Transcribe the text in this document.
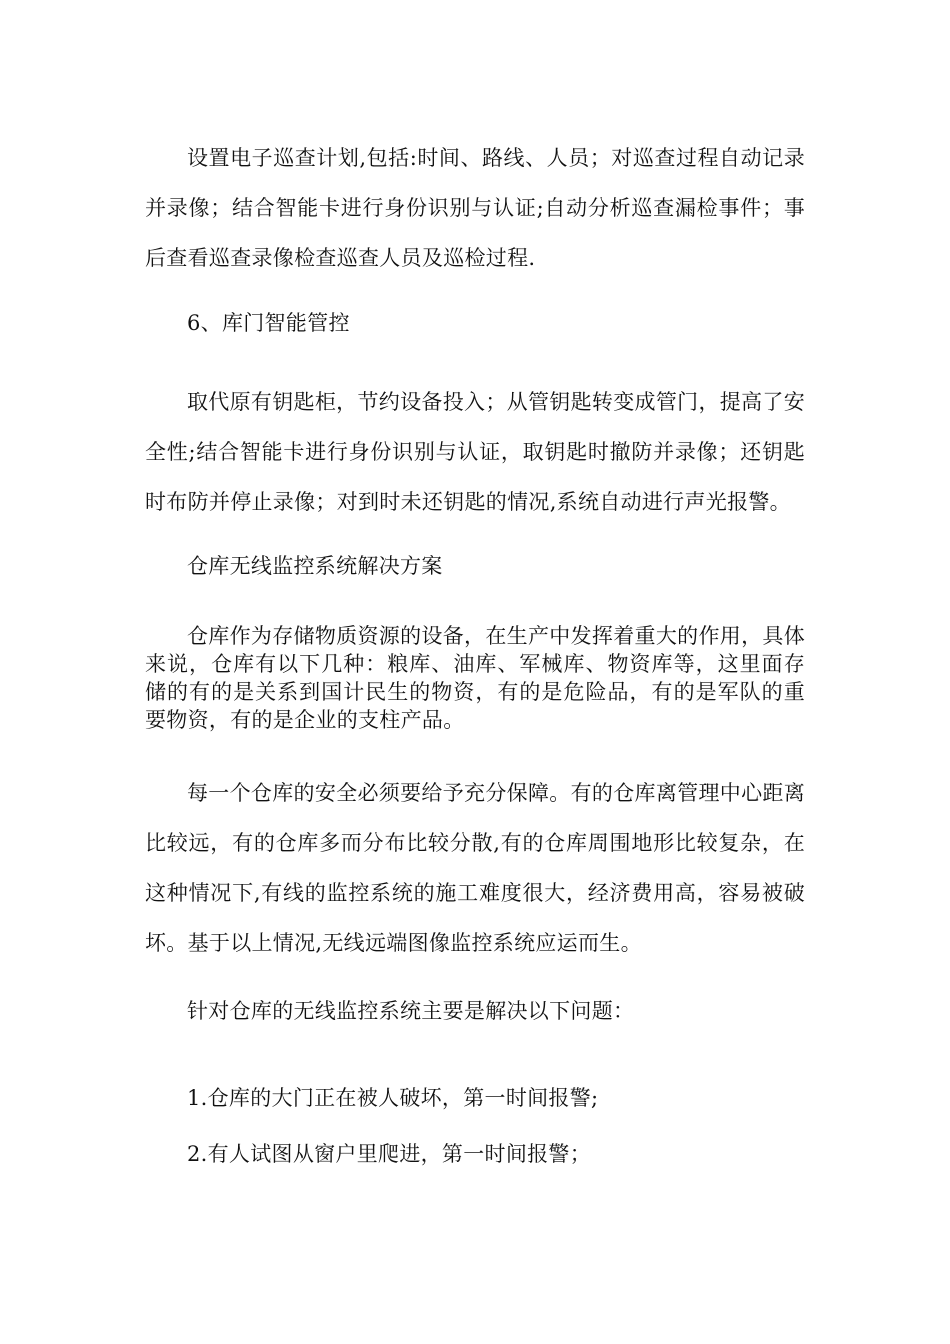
设置电子巡查计划,包括:时间、路线、人员；对巡查过程自动记录并录像；结合智能卡进行身份识别与认证;自动分析巡查漏检事件；事后查看巡查录像检查巡查人员及巡检过程.

6、库门智能管控

取代原有钥匙柜，节约设备投入；从管钥匙转变成管门，提高了安全性;结合智能卡进行身份识别与认证，取钥匙时撤防并录像；还钥匙时布防并停止录像；对到时未还钥匙的情况,系统自动进行声光报警。

仓库无线监控系统解决方案

仓库作为存储物质资源的设备，在生产中发挥着重大的作用，具体来说，仓库有以下几种：粮库、油库、军械库、物资库等，这里面存储的有的是关系到国计民生的物资，有的是危险品，有的是军队的重要物资，有的是企业的支柱产品。

每一个仓库的安全必须要给予充分保障。有的仓库离管理中心距离比较远，有的仓库多而分布比较分散,有的仓库周围地形比较复杂，在这种情况下,有线的监控系统的施工难度很大，经济费用高，容易被破坏。基于以上情况,无线远端图像监控系统应运而生。

针对仓库的无线监控系统主要是解决以下问题：

1.仓库的大门正在被人破坏，第一时间报警;

2.有人试图从窗户里爬进，第一时间报警；
